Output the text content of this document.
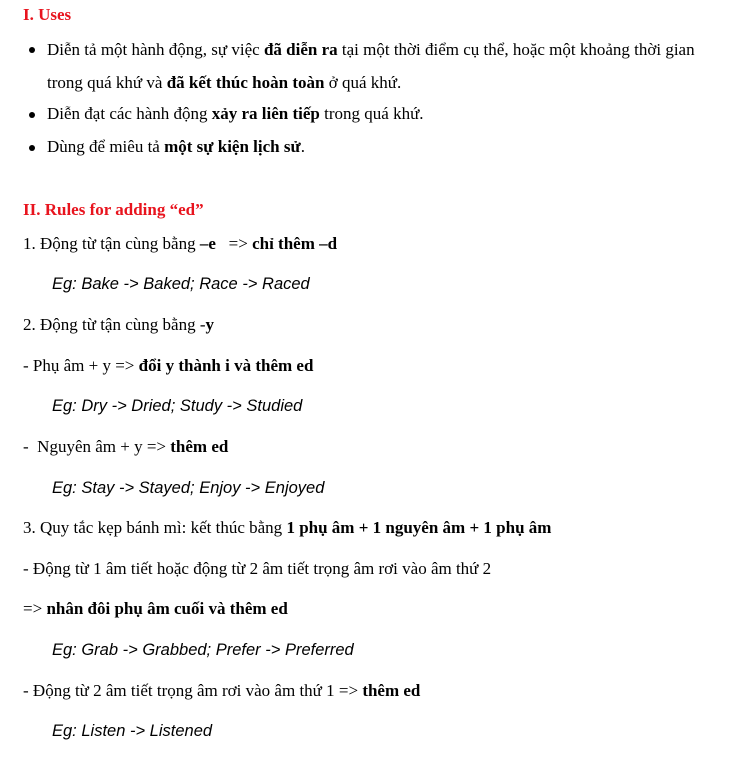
I. Uses
Diễn tả một hành động, sự việc đã diễn ra tại một thời điểm cụ thể, hoặc một khoảng thời gian trong quá khứ và đã kết thúc hoàn toàn ở quá khứ.
Diễn đạt các hành động xảy ra liên tiếp trong quá khứ.
Dùng để miêu tả một sự kiện lịch sử.
II. Rules for adding “ed”
1. Động từ tận cùng bằng –e   => chỉ thêm –d
Eg: Bake -> Baked; Race -> Raced
2. Động từ tận cùng bằng -y
- Phụ âm + y => đổi y thành i và thêm ed
Eg: Dry -> Dried; Study -> Studied
-  Nguyên âm + y => thêm ed
Eg: Stay -> Stayed; Enjoy -> Enjoyed
3. Quy tắc kẹp bánh mì: kết thúc bằng 1 phụ âm + 1 nguyên âm + 1 phụ âm
- Động từ 1 âm tiết hoặc động từ 2 âm tiết trọng âm rơi vào âm thứ 2
=> nhân đôi phụ âm cuối và thêm ed
Eg: Grab -> Grabbed; Prefer -> Preferred
- Động từ 2 âm tiết trọng âm rơi vào âm thứ 1 => thêm ed
Eg: Listen -> Listened
